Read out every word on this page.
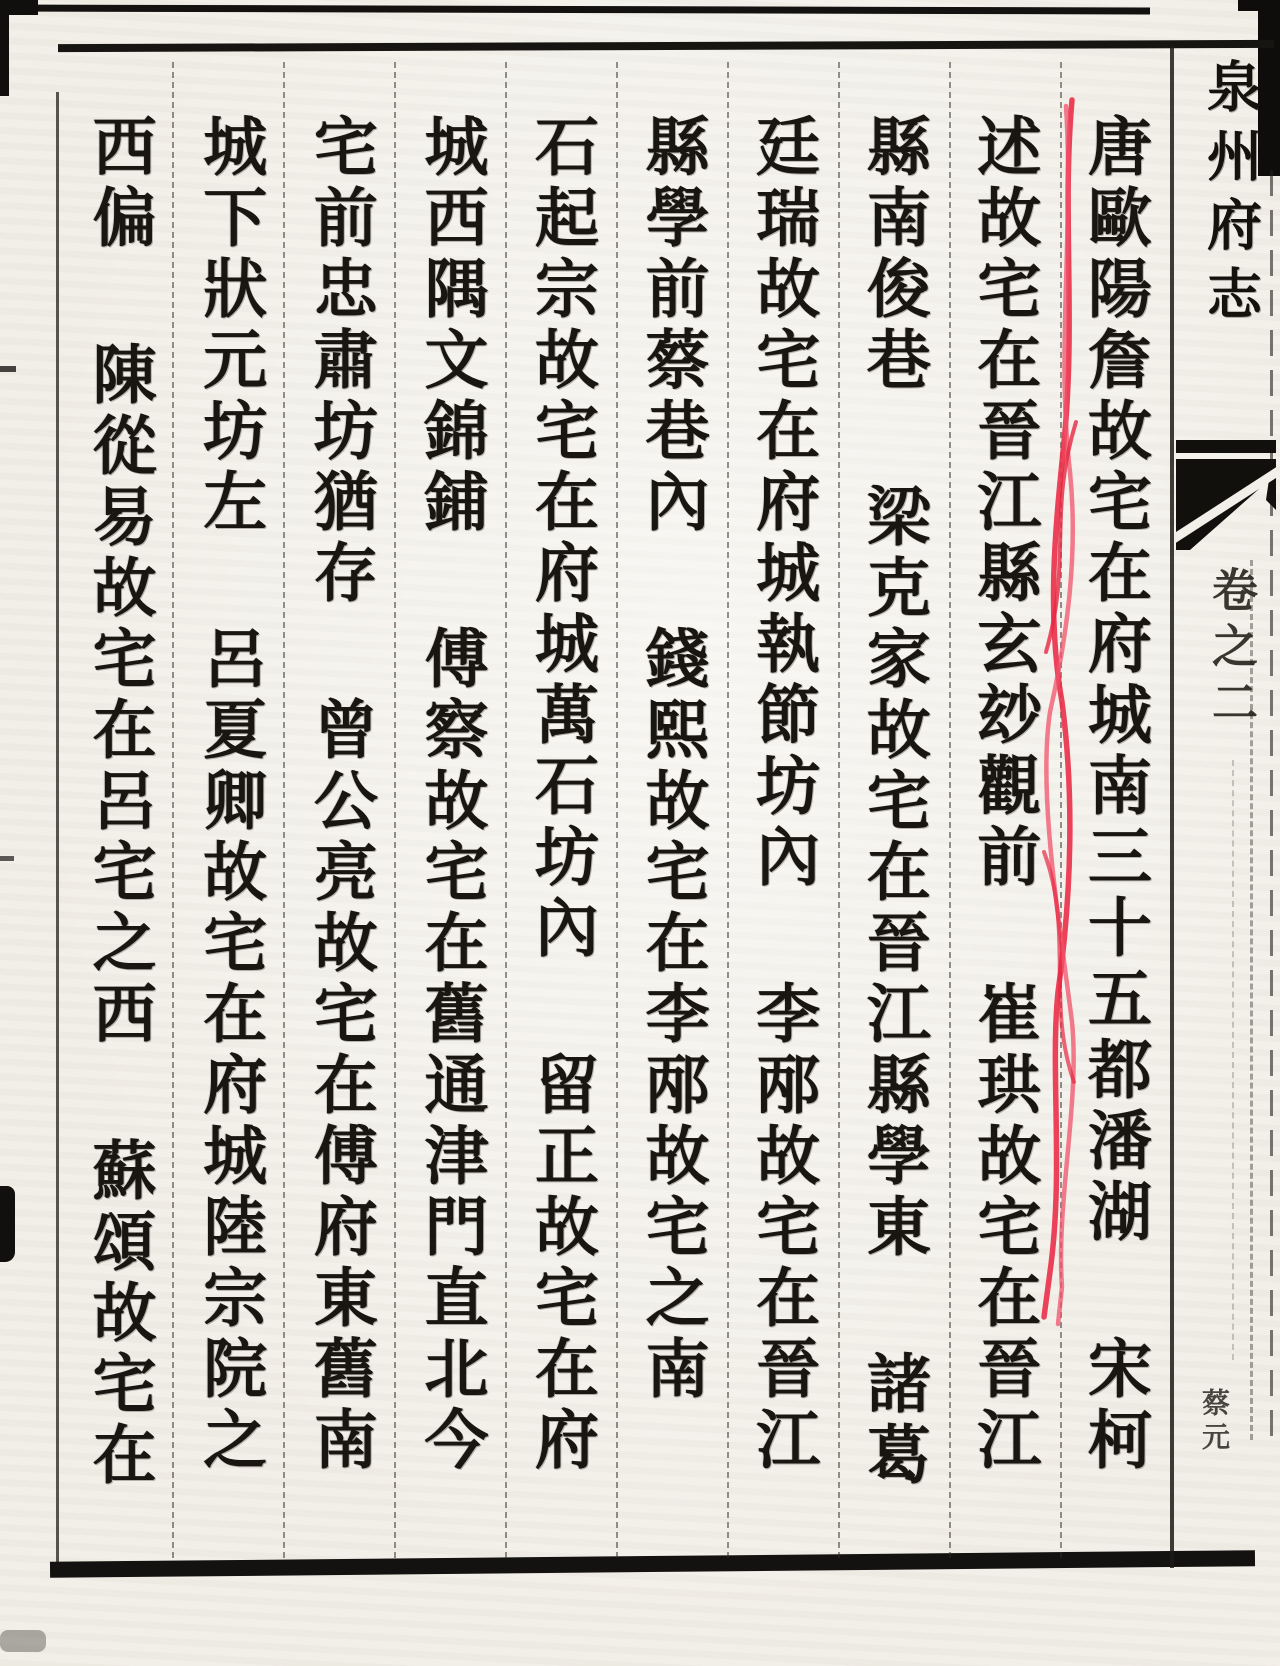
泉州府志
卷之二
蔡元
唐歐陽詹故宅在府城南三十五都潘湖宋柯
述故宅在晉江縣玄玅觀前崔珙故宅在晉江
縣南俊巷梁克家故宅在晉江縣學東諸葛
廷瑞故宅在府城執節坊內李邴故宅在晉江
縣學前蔡巷內錢熙故宅在李邴故宅之南
石起宗故宅在府城萬石坊內留正故宅在府
城西隅文錦鋪傅察故宅在舊通津門直北今
宅前忠肅坊猶存曾公亮故宅在傅府東舊南
城下狀元坊左呂夏卿故宅在府城陸宗院之
西偏陳從易故宅在呂宅之西蘇頌故宅在
